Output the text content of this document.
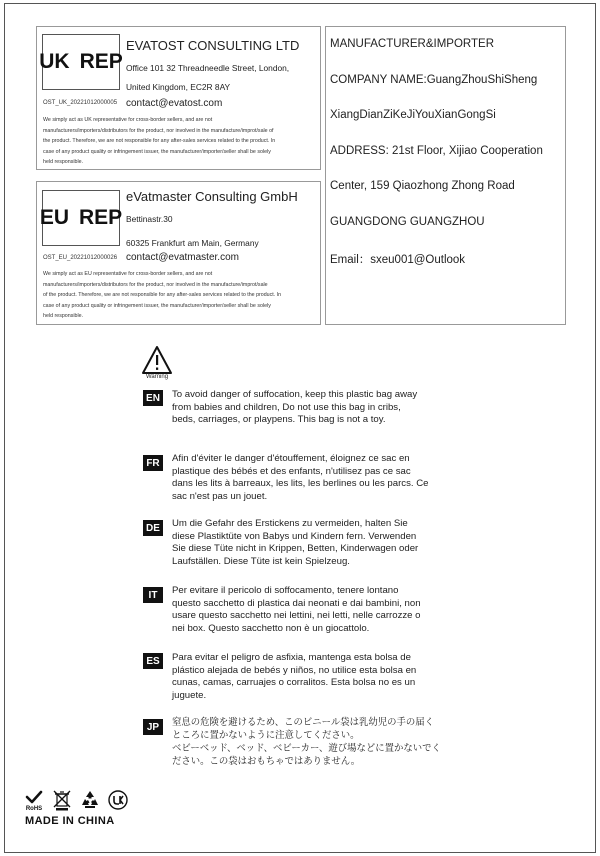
UK REP
EVATOST CONSULTING LTD
Office 101 32 Threadneedle Street, London,
United Kingdom, EC2R 8AY
OST_UK_20221012000005 contact@evatost.com
We simply act as UK representative for cross-border sellers, and are not
manufacturers/importers/distributors for the product, nor involved in the manufacture/improt/sale of
the product. Therefore, we are not responsible for any after-sales services related to the product. In
case of any product quality or infringement issuer, the manufacturer/importer/seller shall be solely
held responsible.
EU REP
eVatmaster Consulting GmbH
Bettinastr.30
60325 Frankfurt am Main, Germany
OST_EU_20221012000026 contact@evatmaster.com
We simply act as EU representative for cross-border sellers, and are not
manufacturers/importers/distributors for the product, nor involved in the manufacture/improt/sale
of the product. Therefore, we are not responsible for any after-sales services related to the product. In
case of any product quality or infringement issuer, the manufacturer/importer/seller shall be solely
held responsible.
MANUFACTURER&IMPORTER
COMPANY NAME:GuangZhouShiSheng
XiangDianZiKeJiYouXianGongSi
ADDRESS: 21st Floor, Xijiao Cooperation
Center, 159 Qiaozhong Zhong Road
GUANGDONG GUANGZHOU
Email：sxeu001@Outlook
Warning
EN	To avoid danger of suffocation, keep this plastic bag away
from babies and children, Do not use this bag in cribs,
beds, carriages, or playpens. This bag is not a toy.
FR	Afin d'éviter le danger d'étouffement, éloignez ce sac en
plastique des bébés et des enfants, n'utilisez pas ce sac
dans les lits à barreaux, les lits, les berlines ou les parcs. Ce
sac n'est pas un jouet.
DE	Um die Gefahr des Erstickens zu vermeiden, halten Sie
diese Plastiktüte von Babys und Kindern fern. Verwenden
Sie diese Tüte nicht in Krippen, Betten, Kinderwagen oder
Laufställen. Diese Tüte ist kein Spielzeug.
IT	Per evitare il pericolo di soffocamento, tenere lontano
questo sacchetto di plastica dai neonati e dai bambini, non
usare questo sacchetto nei lettini, nei letti, nelle carrozze o
nei box. Questo sacchetto non è un giocattolo.
ES	Para evitar el peligro de asfixia, mantenga esta bolsa de
plástico alejada de bebés y niños, no utilice esta bolsa en
cunas, camas, carruajes o corralitos. Esta bolsa no es un
juguete.
JP	窒息の危険を避けるため、このビニール袋は乳幼児の手の届く
ところに置かないように注意してください。
ベビーベッド、ベッド、ベビーカー、遊び場などに置かないでく
ださい。この袋はおもちゃではありません。
RoHS
MADE IN CHINA
